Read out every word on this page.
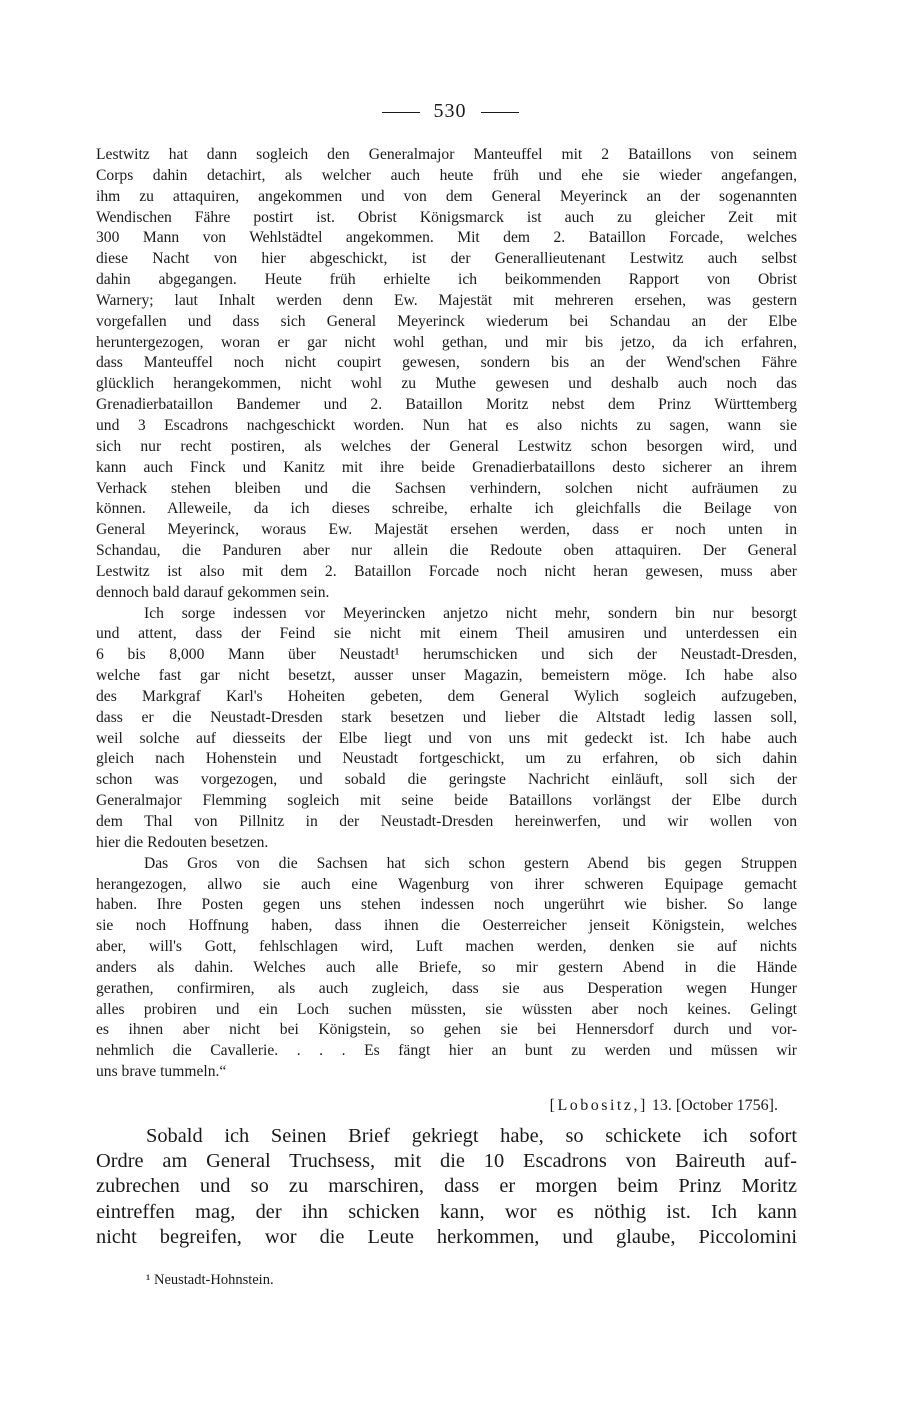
530
Lestwitz hat dann sogleich den Generalmajor Manteuffel mit 2 Bataillons von seinem
Corps dahin detachirt, als welcher auch heute früh und ehe sie wieder angefangen,
ihm zu attaquiren, angekommen und von dem General Meyerinck an der sogenannten
Wendischen Fähre postirt ist. Obrist Königsmarck ist auch zu gleicher Zeit mit
300 Mann von Wehlstädtel angekommen. Mit dem 2. Bataillon Forcade, welches
diese Nacht von hier abgeschickt, ist der Generallieutenant Lestwitz auch selbst
dahin abgegangen. Heute früh erhielte ich beikommenden Rapport von Obrist
Warnery; laut Inhalt werden denn Ew. Majestät mit mehreren ersehen, was gestern
vorgefallen und dass sich General Meyerinck wiederum bei Schandau an der Elbe
heruntergezogen, woran er gar nicht wohl gethan, und mir bis jetzo, da ich erfahren,
dass Manteuffel noch nicht coupirt gewesen, sondern bis an der Wend'schen Fähre
glücklich herangekommen, nicht wohl zu Muthe gewesen und deshalb auch noch das
Grenadierbataillon Bandemer und 2. Bataillon Moritz nebst dem Prinz Württemberg
und 3 Escadrons nachgeschickt worden. Nun hat es also nichts zu sagen, wann sie
sich nur recht postiren, als welches der General Lestwitz schon besorgen wird, und
kann auch Finck und Kanitz mit ihre beide Grenadierbataillons desto sicherer an ihrem
Verhack stehen bleiben und die Sachsen verhindern, solchen nicht aufräumen zu
können. Alleweile, da ich dieses schreibe, erhalte ich gleichfalls die Beilage von
General Meyerinck, woraus Ew. Majestät ersehen werden, dass er noch unten in
Schandau, die Panduren aber nur allein die Redoute oben attaquiren. Der General
Lestwitz ist also mit dem 2. Bataillon Forcade noch nicht heran gewesen, muss aber
dennoch bald darauf gekommen sein.
Ich sorge indessen vor Meyerincken anjetzo nicht mehr, sondern bin nur besorgt
und attent, dass der Feind sie nicht mit einem Theil amusiren und unterdessen ein
6 bis 8,000 Mann über Neustadt¹ herumschicken und sich der Neustadt-Dresden,
welche fast gar nicht besetzt, ausser unser Magazin, bemeistern möge. Ich habe also
des Markgraf Karl's Hoheiten gebeten, dem General Wylich sogleich aufzugeben,
dass er die Neustadt-Dresden stark besetzen und lieber die Altstadt ledig lassen soll,
weil solche auf diesseits der Elbe liegt und von uns mit gedeckt ist. Ich habe auch
gleich nach Hohenstein und Neustadt fortgeschickt, um zu erfahren, ob sich dahin
schon was vorgezogen, und sobald die geringste Nachricht einläuft, soll sich der
Generalmajor Flemming sogleich mit seine beide Bataillons vorlängst der Elbe durch
dem Thal von Pillnitz in der Neustadt-Dresden hereinwerfen, und wir wollen von
hier die Redouten besetzen.
Das Gros von die Sachsen hat sich schon gestern Abend bis gegen Struppen
herangezogen, allwo sie auch eine Wagenburg von ihrer schweren Equipage gemacht
haben. Ihre Posten gegen uns stehen indessen noch ungerührt wie bisher. So lange
sie noch Hoffnung haben, dass ihnen die Oesterreicher jenseit Königstein, welches
aber, will's Gott, fehlschlagen wird, Luft machen werden, denken sie auf nichts
anders als dahin. Welches auch alle Briefe, so mir gestern Abend in die Hände
gerathen, confirmiren, als auch zugleich, dass sie aus Desperation wegen Hunger
alles probiren und ein Loch suchen müssten, sie wüssten aber noch keines. Gelingt
es ihnen aber nicht bei Königstein, so gehen sie bei Hennersdorf durch und vor-
nehmlich die Cavallerie. . . . Es fängt hier an bunt zu werden und müssen wir
uns brave tummeln.“
[Lobositz,] 13. [October 1756].
Sobald ich Seinen Brief gekriegt habe, so schickete ich sofort
Ordre am General Truchsess, mit die 10 Escadrons von Baireuth auf-
zubrechen und so zu marschiren, dass er morgen beim Prinz Moritz
eintreffen mag, der ihn schicken kann, wor es nöthig ist. Ich kann
nicht begreifen, wor die Leute herkommen, und glaube, Piccolomini
¹ Neustadt-Hohnstein.
